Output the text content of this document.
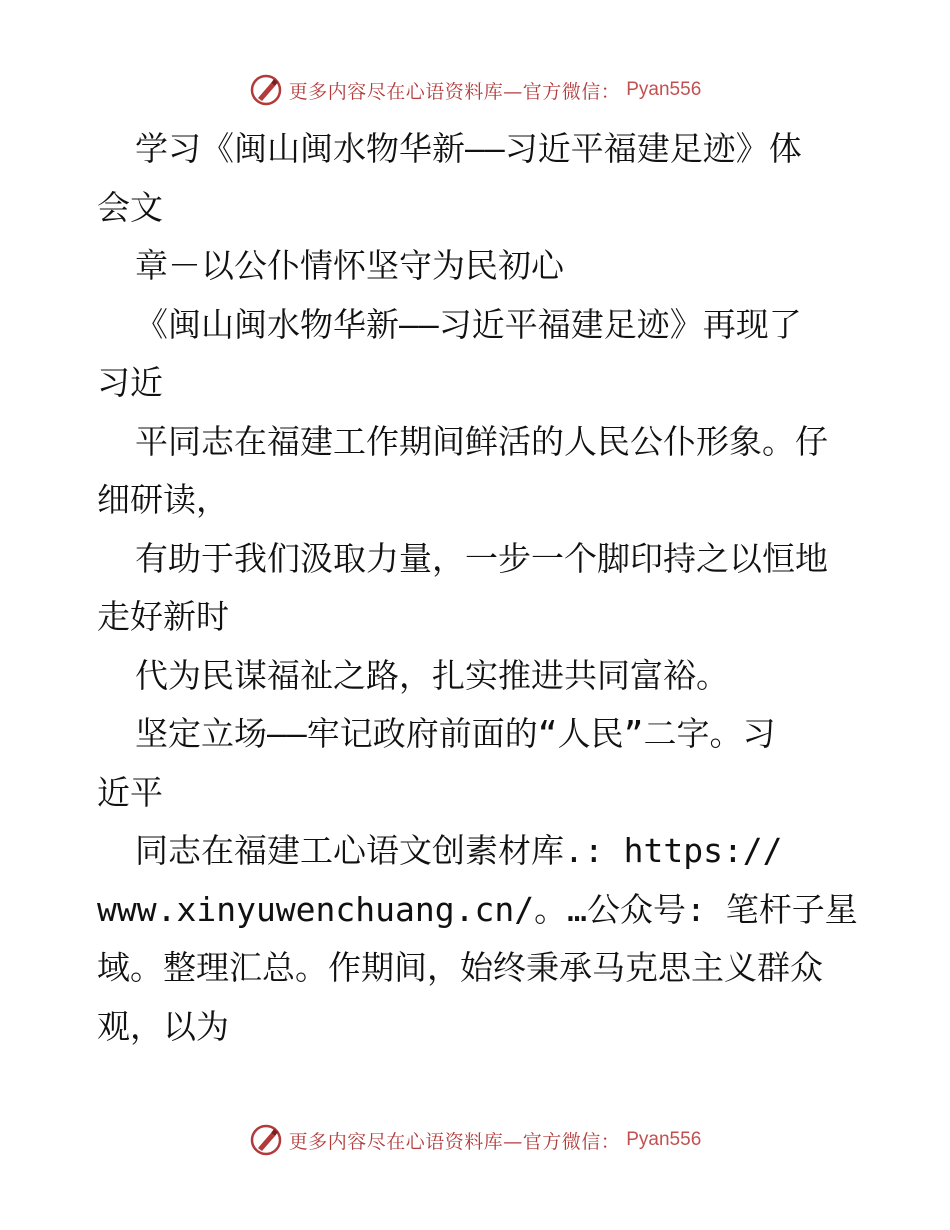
更多内容尽在心语资料库—官方微信： Pyan556
学习《闽山闽水物华新——习近平福建足迹》体
会文
章－以公仆情怀坚守为民初心
《闽山闽水物华新——习近平福建足迹》再现了
习近
平同志在福建工作期间鲜活的人民公仆形象。仔
细研读，
有助于我们汲取力量，一步一个脚印持之以恒地
走好新时
代为民谋福祉之路，扎实推进共同富裕。
坚定立场——牢记政府前面的“人民”二字。习
近平
同志在福建工心语文创素材库.: https://
www.xinyuwenchuang.cn/。…公众号: 笔杆子星
域。整理汇总。作期间，始终秉承马克思主义群众
观，以为
更多内容尽在心语资料库—官方微信： Pyan556
